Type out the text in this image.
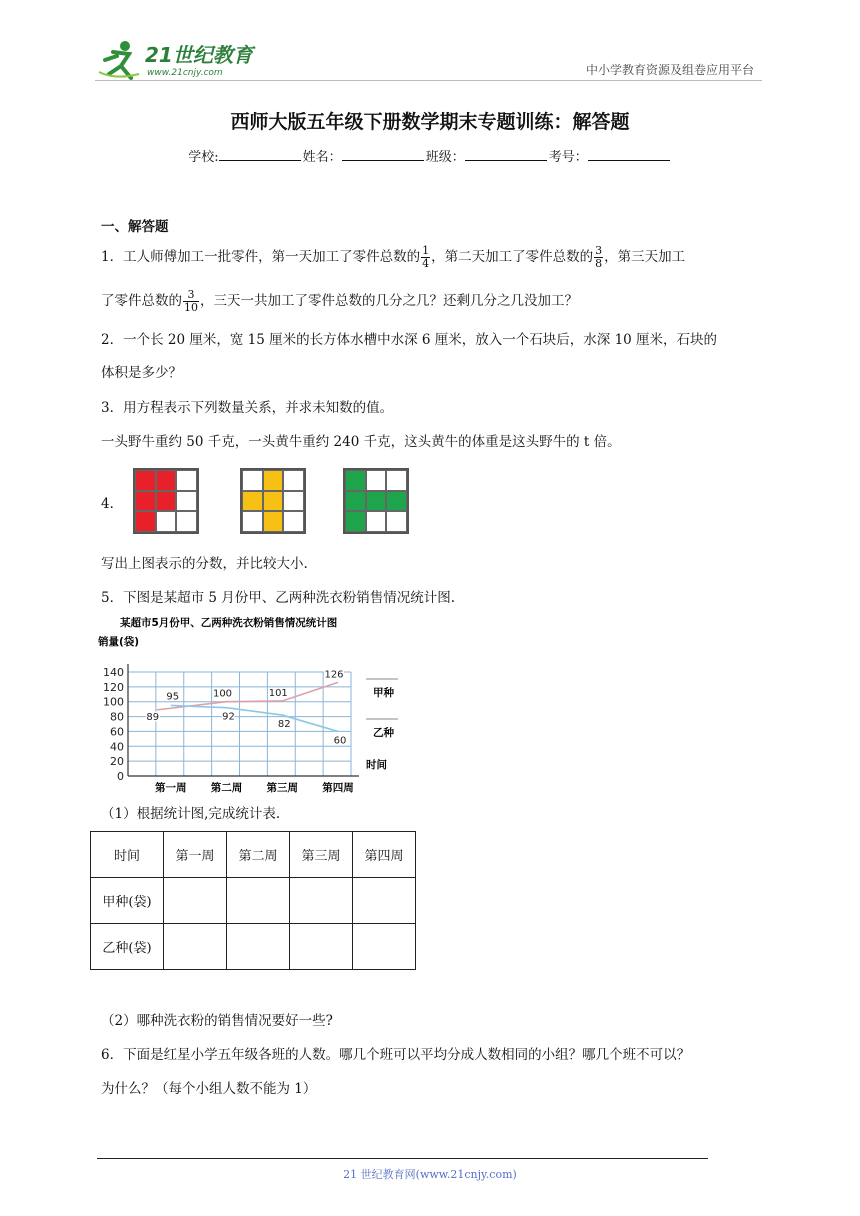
21世纪教育
www.21cnjy.com	中小学教育资源及组卷应用平台
西师大版五年级下册数学期末专题训练：解答题
学校:	姓名：	班级：	考号：
一、解答题
1．工人师傅加工一批零件，第一天加工了零件总数的 $\frac{1}{4}$ ，第二天加工了零件总数的 $\frac{3}{8}$ ，第三天加工
了零件总数的 $\frac{3}{10}$ ，三天一共加工了零件总数的几分之几？还剩几分之几没加工？
2．一个长 20 厘米，宽 15 厘米的长方体水槽中水深 6 厘米，放入一个石块后，水深 10 厘米，石块的
体积是多少？
3．用方程表示下列数量关系，并求未知数的值。
一头野牛重约 50 千克，一头黄牛重约 240 千克，这头黄牛的体重是这头野牛的 t 倍。
4．
写出上图表示的分数，并比较大小.
5．下图是某超市 5 月份甲、乙两种洗衣粉销售情况统计图.
某超市5月份甲、乙两种洗衣粉销售情况统计图
销量(袋)
0
20
40
60
80
100
120
140
第一周 第二周 第三周 第四周
89
100	101
126
95
92
82
60
甲种
乙种
时间
（1）根据统计图,完成统计表.
时间	第一周	第二周	第三周	第四周
甲种(袋)				
乙种(袋)				
（2）哪种洗衣粉的销售情况要好一些?
6．下面是红星小学五年级各班的人数。哪几个班可以平均分成人数相同的小组？哪几个班不可以？
为什么？（每个小组人数不能为 1）
21 世纪教育网(www.21cnjy.com)
